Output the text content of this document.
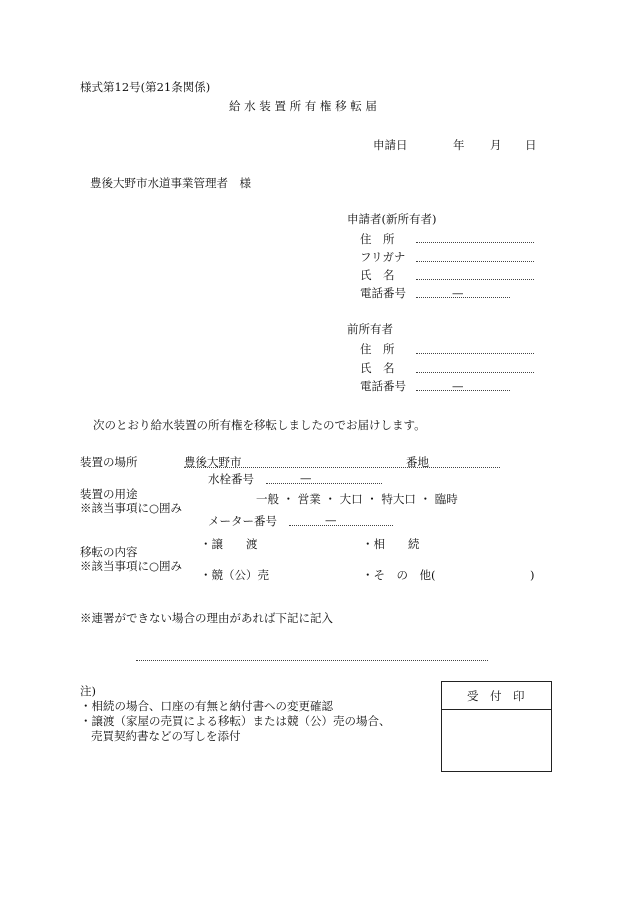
様式第12号(第21条関係)
給 水 装 置 所 有 権 移 転 届
申請日	年 月 日
豊後大野市水道事業管理者　様
申請者(新所有者)
住　所
フリガナ
氏　名
電話番号	—
前所有者
住　所
氏　名
電話番号	—
次のとおり給水装置の所有権を移転しましたのでお届けします。
装置の場所	豊後大野市	番地
水栓番号	—
装置の用途
※該当事項に○囲み
一般 ・ 営業 ・ 大口 ・ 特大口 ・ 臨時
メーター番号	—
移転の内容
※該当事項に○囲み
・譲　　渡	・相　　続
・競（公）売	・そ　の　他(	)
※連署ができない場合の理由があれば下記に記入
注)
・相続の場合、口座の有無と納付書への変更確認
・譲渡（家屋の売買による移転）または競（公）売の場合、
売買契約書などの写しを添付
受　付　印
